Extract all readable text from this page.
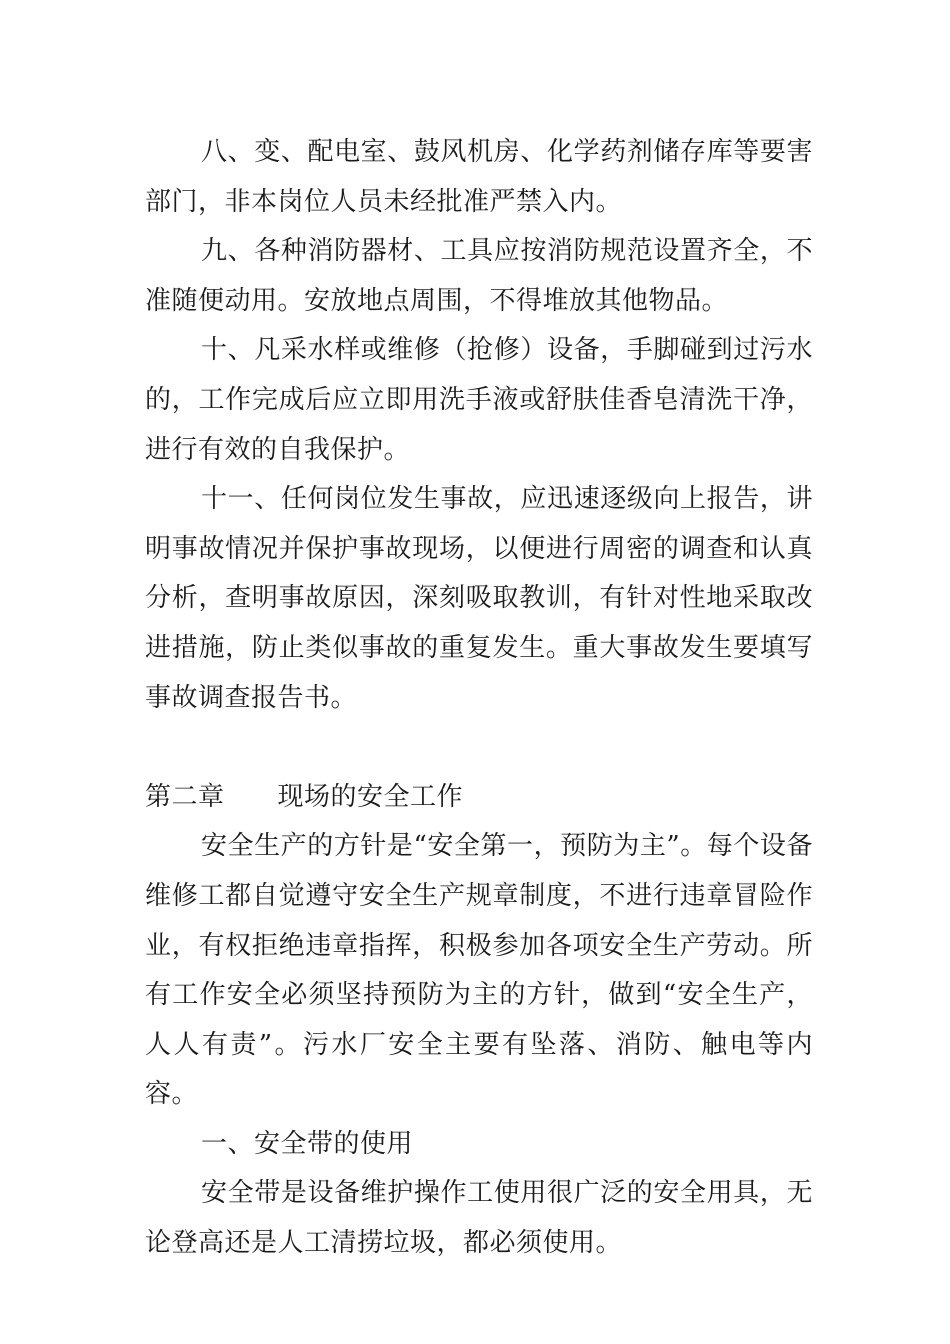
八、变、配电室、鼓风机房、化学药剂储存库等要害部门，非本岗位人员未经批准严禁入内。

九、各种消防器材、工具应按消防规范设置齐全，不准随便动用。安放地点周围，不得堆放其他物品。

十、凡采水样或维修（抢修）设备，手脚碰到过污水的，工作完成后应立即用洗手液或舒肤佳香皂清洗干净，进行有效的自我保护。

十一、任何岗位发生事故，应迅速逐级向上报告，讲明事故情况并保护事故现场，以便进行周密的调查和认真分析，查明事故原因，深刻吸取教训，有针对性地采取改进措施，防止类似事故的重复发生。重大事故发生要填写事故调查报告书。

第二章　　现场的安全工作

安全生产的方针是“安全第一，预防为主”。每个设备维修工都自觉遵守安全生产规章制度，不进行违章冒险作业，有权拒绝违章指挥，积极参加各项安全生产劳动。所有工作安全必须坚持预防为主的方针，做到“安全生产，人人有责”。污水厂安全主要有坠落、消防、触电等内容。

一、安全带的使用

安全带是设备维护操作工使用很广泛的安全用具，无论登高还是人工清捞垃圾，都必须使用。
